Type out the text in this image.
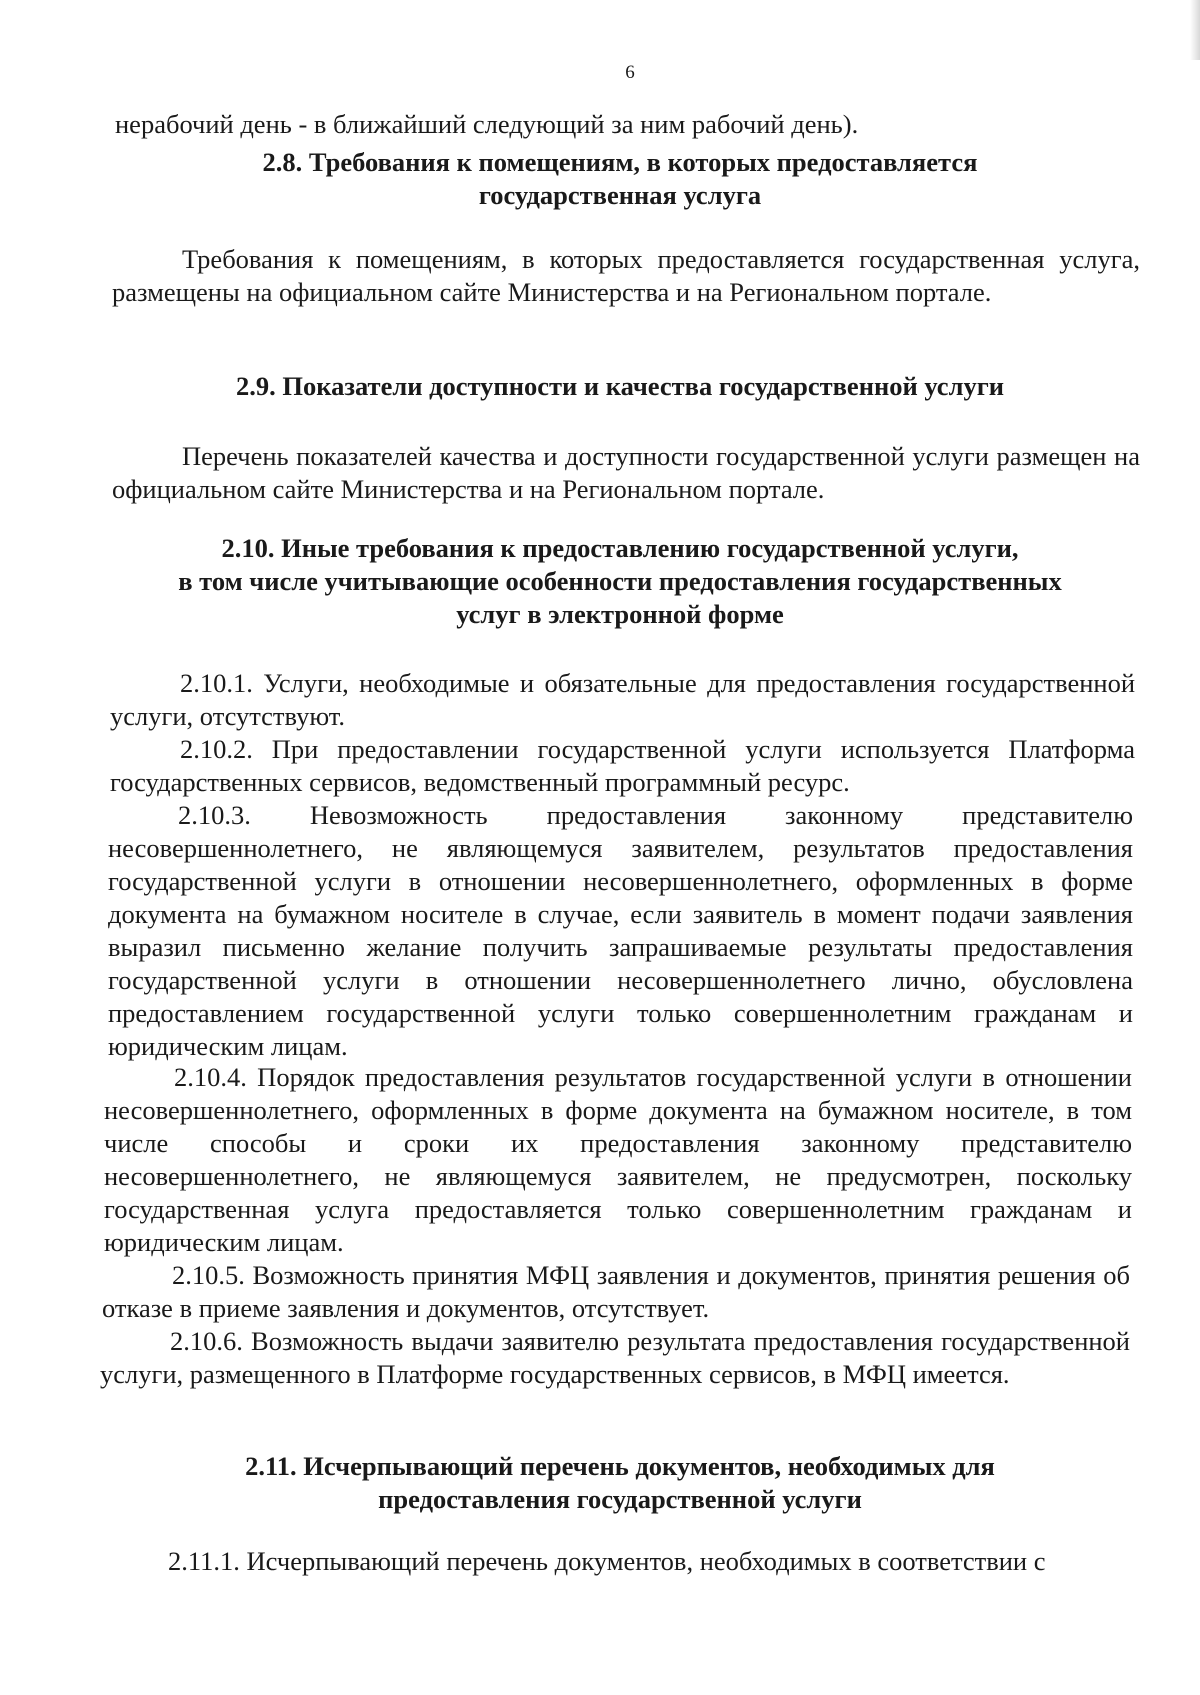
6
нерабочий день - в ближайший следующий за ним рабочий день).
2.8. Требования к помещениям, в которых предоставляется
государственная услуга
Требования к помещениям, в которых предоставляется государственная услуга, размещены на официальном сайте Министерства и на Региональном портале.
2.9. Показатели доступности и качества государственной услуги
Перечень показателей качества и доступности государственной услуги размещен на официальном сайте Министерства и на Региональном портале.
2.10. Иные требования к предоставлению государственной услуги,
в том числе учитывающие особенности предоставления государственных
услуг в электронной форме
2.10.1. Услуги, необходимые и обязательные для предоставления государственной услуги, отсутствуют.
2.10.2. При предоставлении государственной услуги используется Платформа государственных сервисов, ведомственный программный ресурс.
2.10.3. Невозможность предоставления законному представителю несовершеннолетнего, не являющемуся заявителем, результатов предоставления государственной услуги в отношении несовершеннолетнего, оформленных в форме документа на бумажном носителе в случае, если заявитель в момент подачи заявления выразил письменно желание получить запрашиваемые результаты предоставления государственной услуги в отношении несовершеннолетнего лично, обусловлена предоставлением государственной услуги только совершеннолетним гражданам и юридическим лицам.
2.10.4. Порядок предоставления результатов государственной услуги в отношении несовершеннолетнего, оформленных в форме документа на бумажном носителе, в том числе способы и сроки их предоставления законному представителю несовершеннолетнего, не являющемуся заявителем, не предусмотрен, поскольку государственная услуга предоставляется только совершеннолетним гражданам и юридическим лицам.
2.10.5. Возможность принятия МФЦ заявления и документов, принятия решения об отказе в приеме заявления и документов, отсутствует.
2.10.6. Возможность выдачи заявителю результата предоставления государственной услуги, размещенного в Платформе государственных сервисов, в МФЦ имеется.
2.11. Исчерпывающий перечень документов, необходимых для
предоставления государственной услуги
2.11.1. Исчерпывающий перечень документов, необходимых в соответствии с
